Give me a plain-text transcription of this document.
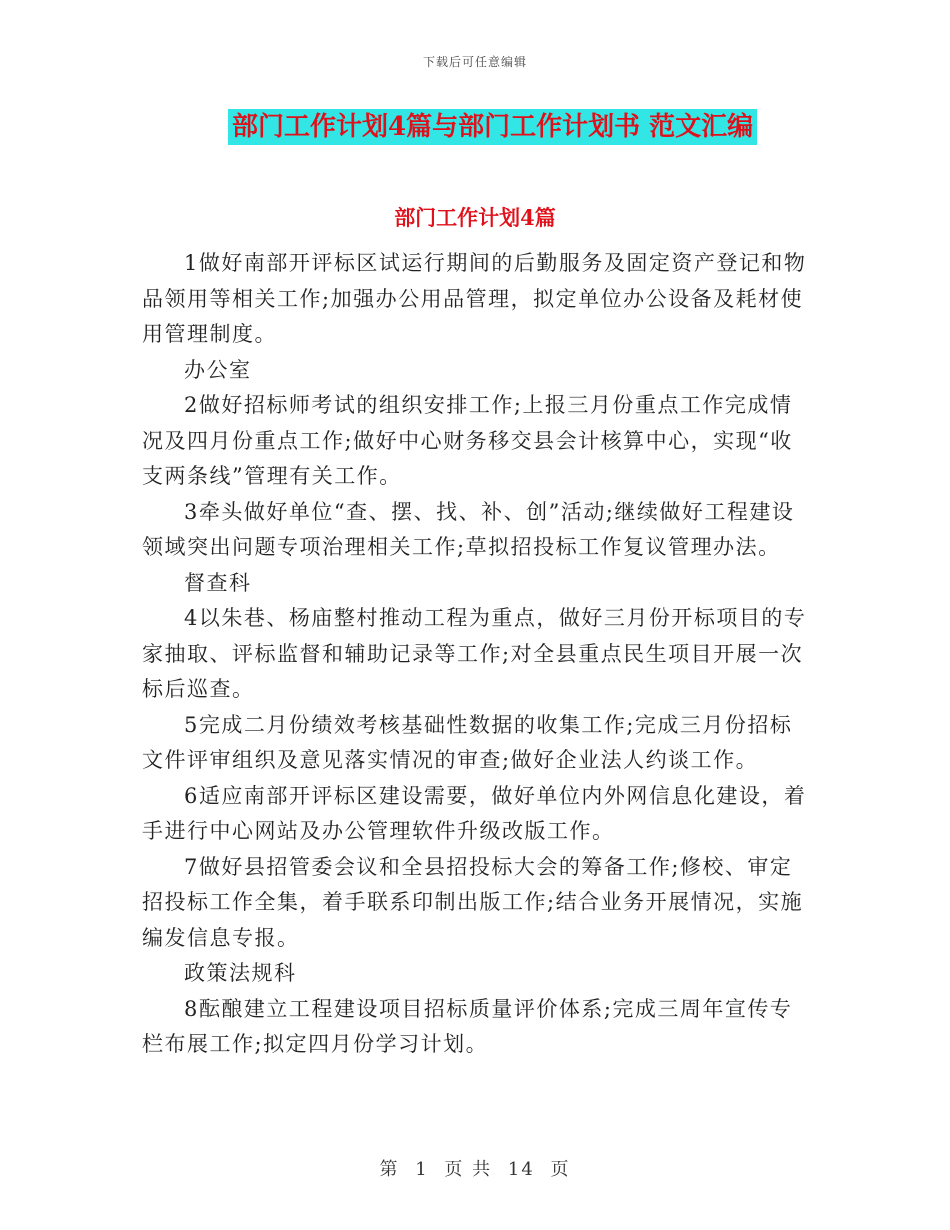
下载后可任意编辑
部门工作计划4篇与部门工作计划书 范文汇编
部门工作计划4篇

1做好南部开评标区试运行期间的后勤服务及固定资产登记和物品领用等相关工作;加强办公用品管理，拟定单位办公设备及耗材使用管理制度。

办公室

2做好招标师考试的组织安排工作;上报三月份重点工作完成情况及四月份重点工作;做好中心财务移交县会计核算中心，实现“收支两条线”管理有关工作。

3牵头做好单位“查、摆、找、补、创”活动;继续做好工程建设领域突出问题专项治理相关工作;草拟招投标工作复议管理办法。

督查科

4以朱巷、杨庙整村推动工程为重点，做好三月份开标项目的专家抽取、评标监督和辅助记录等工作;对全县重点民生项目开展一次标后巡查。

5完成二月份绩效考核基础性数据的收集工作;完成三月份招标文件评审组织及意见落实情况的审查;做好企业法人约谈工作。

6适应南部开评标区建设需要，做好单位内外网信息化建设，着手进行中心网站及办公管理软件升级改版工作。

7做好县招管委会议和全县招投标大会的筹备工作;修校、审定招投标工作全集，着手联系印制出版工作;结合业务开展情况，实施编发信息专报。

政策法规科

8酝酿建立工程建设项目招标质量评价体系;完成三周年宣传专栏布展工作;拟定四月份学习计划。

第 1 页 共 14 页
